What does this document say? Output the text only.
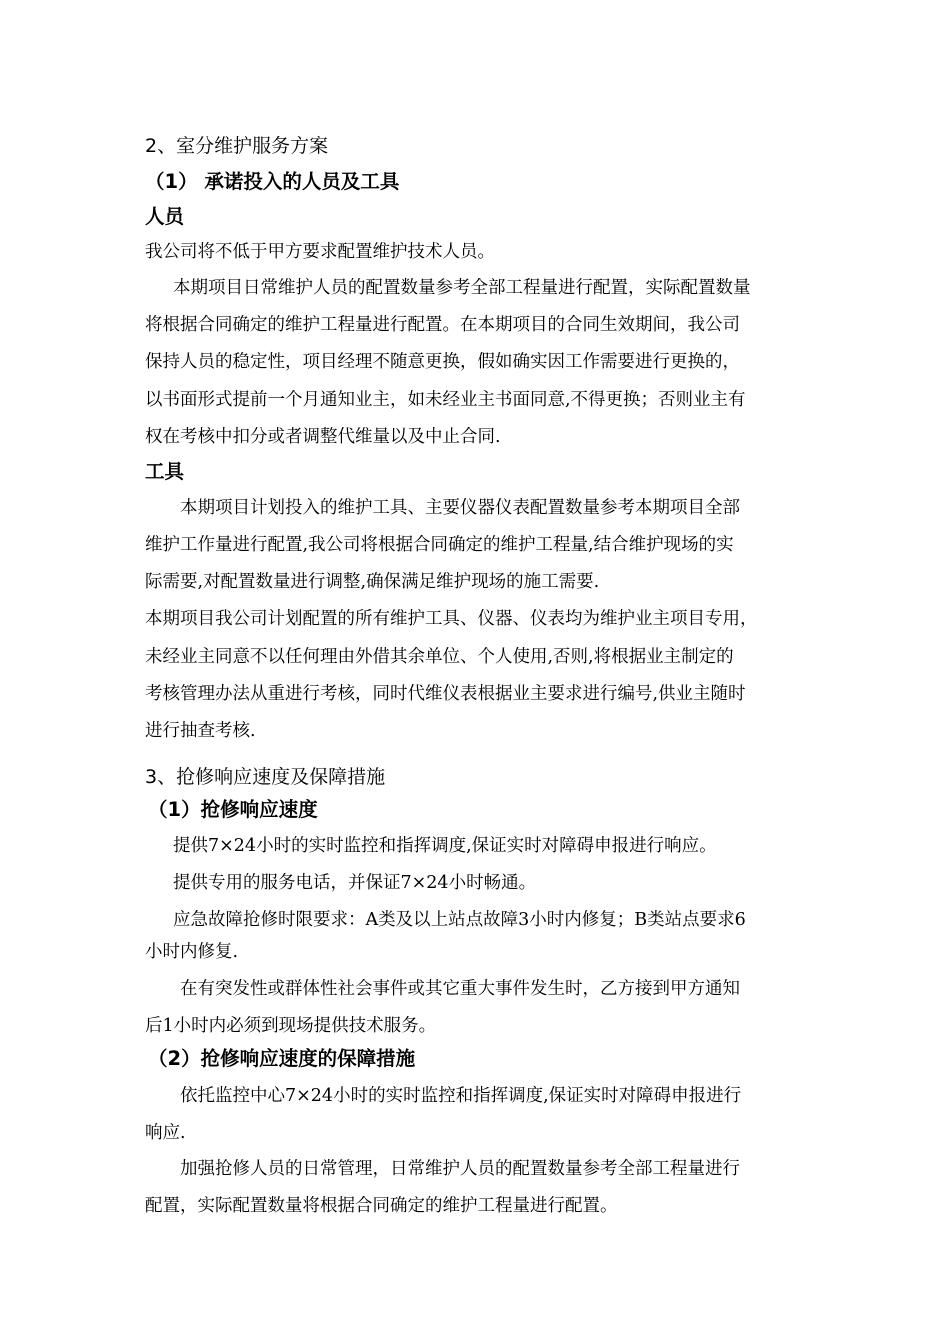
2、室分维护服务方案
（1） 承诺投入的人员及工具
人员
我公司将不低于甲方要求配置维护技术人员。
本期项目日常维护人员的配置数量参考全部工程量进行配置，实际配置数量
将根据合同确定的维护工程量进行配置。在本期项目的合同生效期间，我公司
保持人员的稳定性，项目经理不随意更换，假如确实因工作需要进行更换的，
以书面形式提前一个月通知业主，如未经业主书面同意,不得更换；否则业主有
权在考核中扣分或者调整代维量以及中止合同.
工具
本期项目计划投入的维护工具、主要仪器仪表配置数量参考本期项目全部
维护工作量进行配置,我公司将根据合同确定的维护工程量,结合维护现场的实
际需要,对配置数量进行调整,确保满足维护现场的施工需要.
本期项目我公司计划配置的所有维护工具、仪器、仪表均为维护业主项目专用，
未经业主同意不以任何理由外借其余单位、个人使用,否则,将根据业主制定的
考核管理办法从重进行考核，同时代维仪表根据业主要求进行编号,供业主随时
进行抽查考核.
3、抢修响应速度及保障措施
（1）抢修响应速度
提供7×24小时的实时监控和指挥调度,保证实时对障碍申报进行响应。
提供专用的服务电话，并保证7×24小时畅通。
应急故障抢修时限要求：A类及以上站点故障3小时内修复；B类站点要求6
小时内修复.
在有突发性或群体性社会事件或其它重大事件发生时，乙方接到甲方通知
后1小时内必须到现场提供技术服务。
（2）抢修响应速度的保障措施
依托监控中心7×24小时的实时监控和指挥调度,保证实时对障碍申报进行
响应.
加强抢修人员的日常管理，日常维护人员的配置数量参考全部工程量进行
配置，实际配置数量将根据合同确定的维护工程量进行配置。
